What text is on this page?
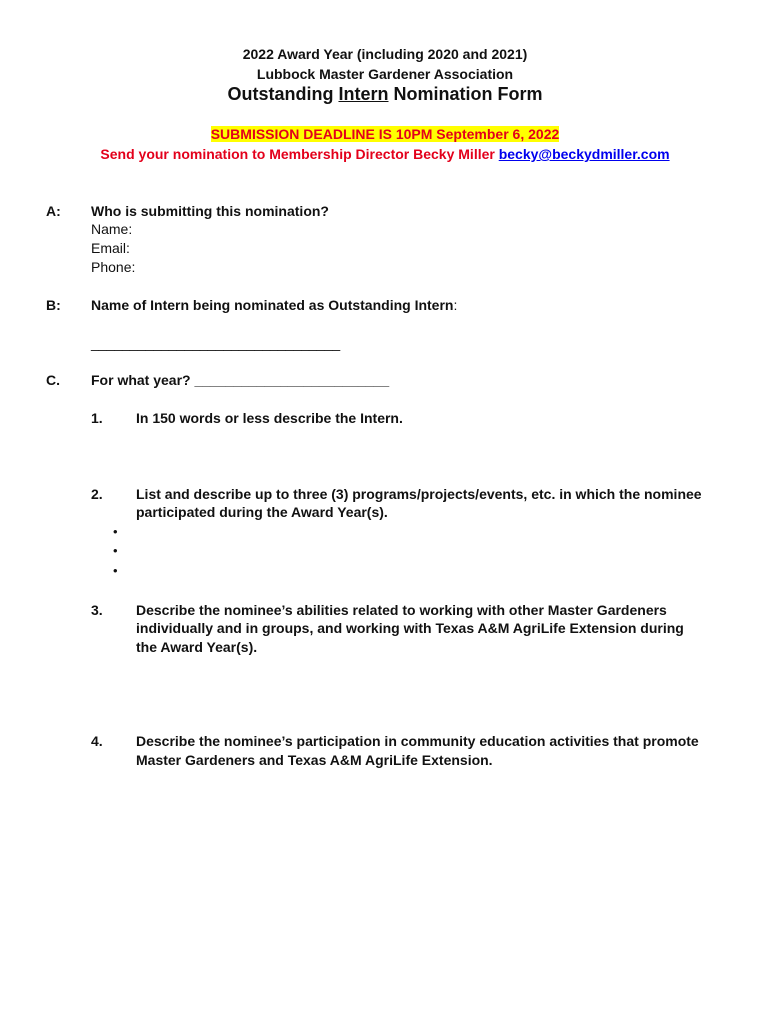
2022 Award Year (including 2020 and 2021)
Lubbock Master Gardener Association
Outstanding Intern Nomination Form
SUBMISSION DEADLINE IS 10PM September 6, 2022
Send your nomination to Membership Director Becky Miller becky@beckydmiller.com
A: Who is submitting this nomination?
Name:
Email:
Phone:
B: Name of Intern being nominated as Outstanding Intern:
________________________________
C. For what year? _________________________
1. In 150 words or less describe the Intern.
2. List and describe up to three (3) programs/projects/events, etc. in which the nominee
participated during the Award Year(s).
•
•
•
3. Describe the nominee’s abilities related to working with other Master Gardeners
individually and in groups, and working with Texas A&M AgriLife Extension during
the Award Year(s).
4. Describe the nominee’s participation in community education activities that promote
Master Gardeners and Texas A&M AgriLife Extension.
